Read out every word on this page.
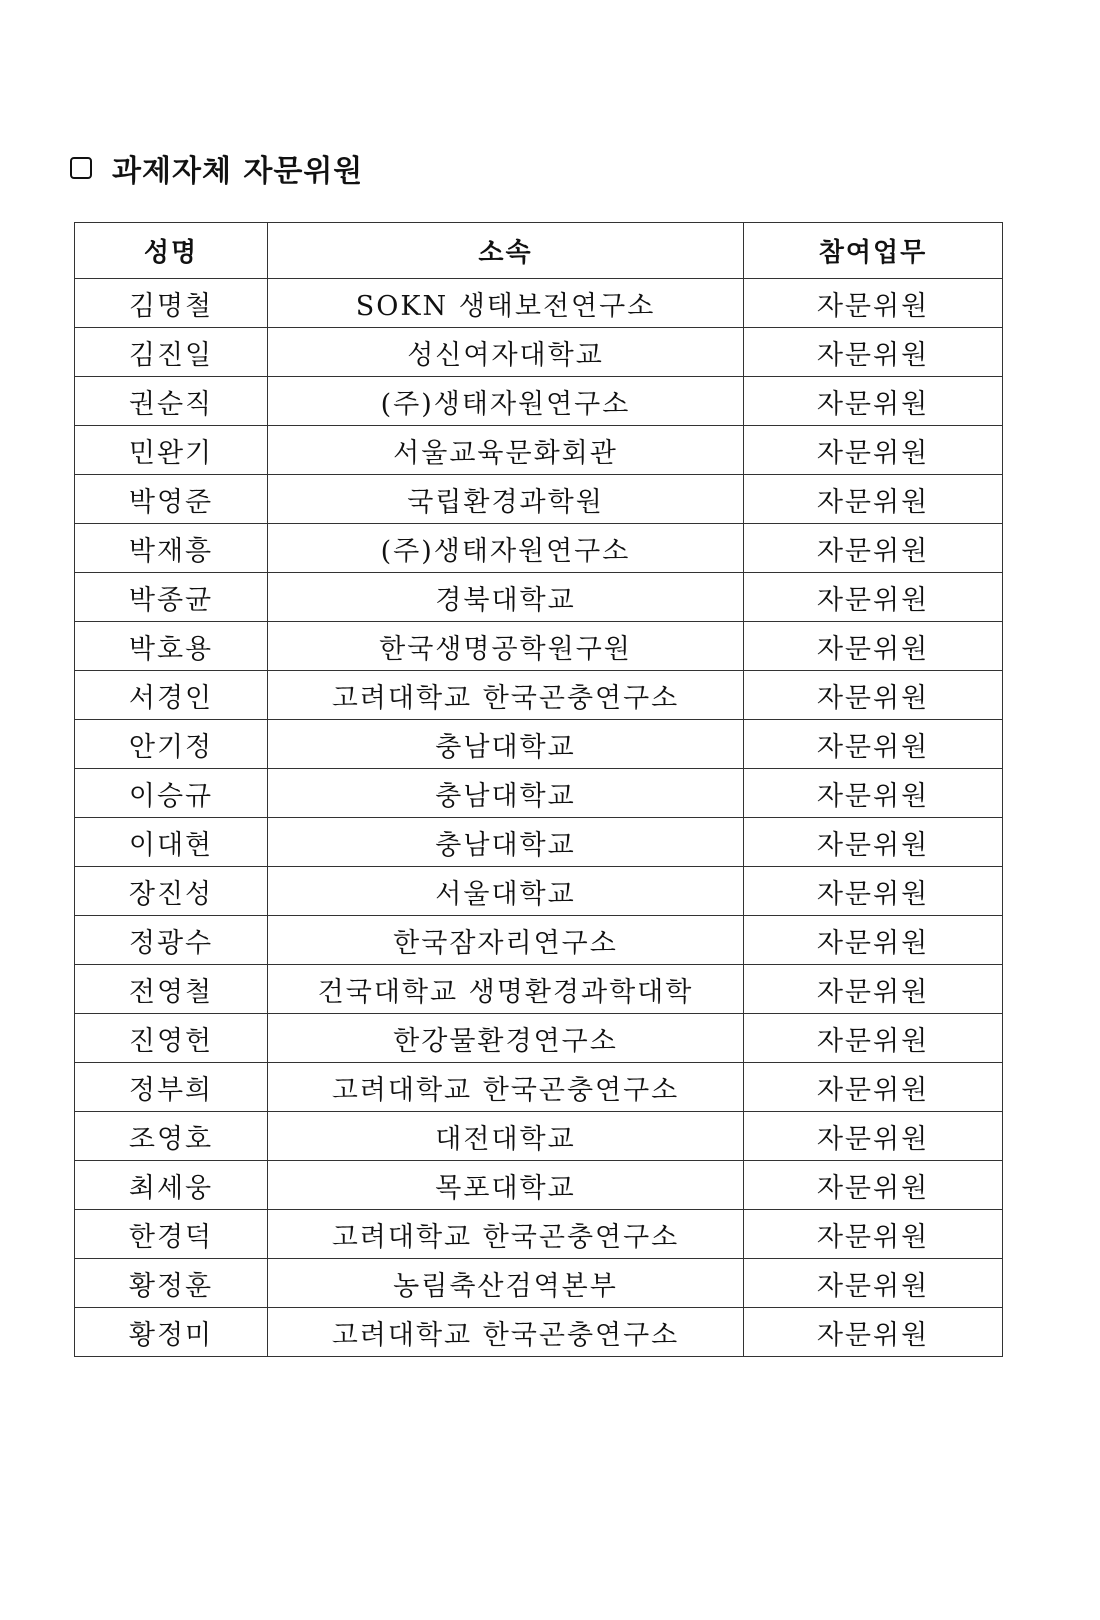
과제자체 자문위원
성명	소속	참여업무
김명철	SOKN 생태보전연구소	자문위원
김진일	성신여자대학교	자문위원
권순직	(주)생태자원연구소	자문위원
민완기	서울교육문화회관	자문위원
박영준	국립환경과학원	자문위원
박재흥	(주)생태자원연구소	자문위원
박종균	경북대학교	자문위원
박호용	한국생명공학원구원	자문위원
서경인	고려대학교 한국곤충연구소	자문위원
안기정	충남대학교	자문위원
이승규	충남대학교	자문위원
이대현	충남대학교	자문위원
장진성	서울대학교	자문위원
정광수	한국잠자리연구소	자문위원
전영철	건국대학교 생명환경과학대학	자문위원
진영헌	한강물환경연구소	자문위원
정부희	고려대학교 한국곤충연구소	자문위원
조영호	대전대학교	자문위원
최세웅	목포대학교	자문위원
한경덕	고려대학교 한국곤충연구소	자문위원
황정훈	농림축산검역본부	자문위원
황정미	고려대학교 한국곤충연구소	자문위원
